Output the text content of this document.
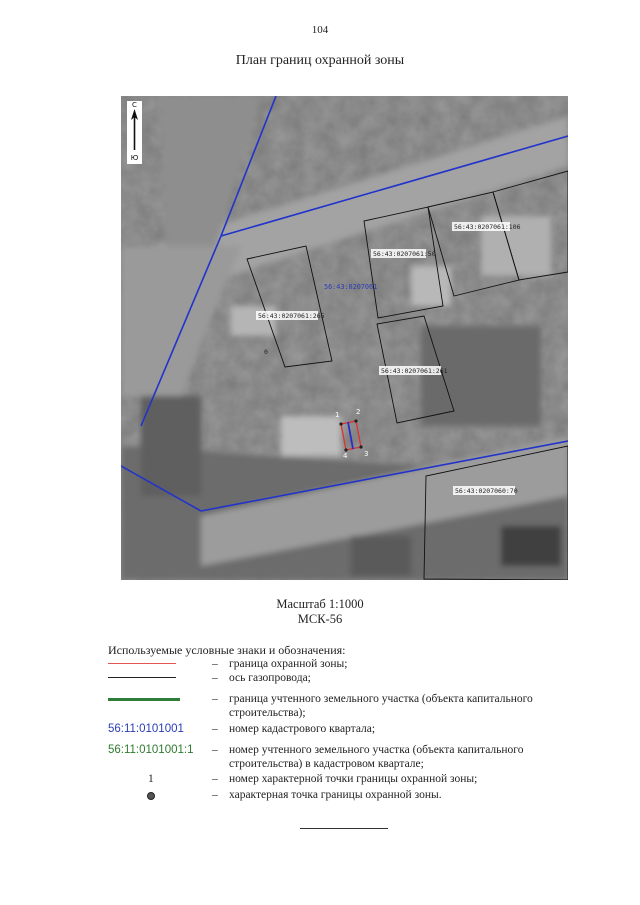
104
План границ охранной зоны
С
Ю
56:43:0207061:106
56:43:0207061:50
56:43:0207061
56:43:0207061:265
0
56:43:0207061:261
56:43:0207060:70
1 2
3
4
Масштаб 1:1000
МСК-56
Используемые условные знаки и обозначения:
– граница охранной зоны;
– ось газопровода;
– граница учтенного земельного участка (объекта капитального строительства);
56:11:0101001 – номер кадастрового квартала;
56:11:0101001:1 – номер учтенного земельного участка (объекта капитального строительства) в кадастровом квартале;
1	– номер характерной точки границы охранной зоны;
– характерная точка границы охранной зоны.
